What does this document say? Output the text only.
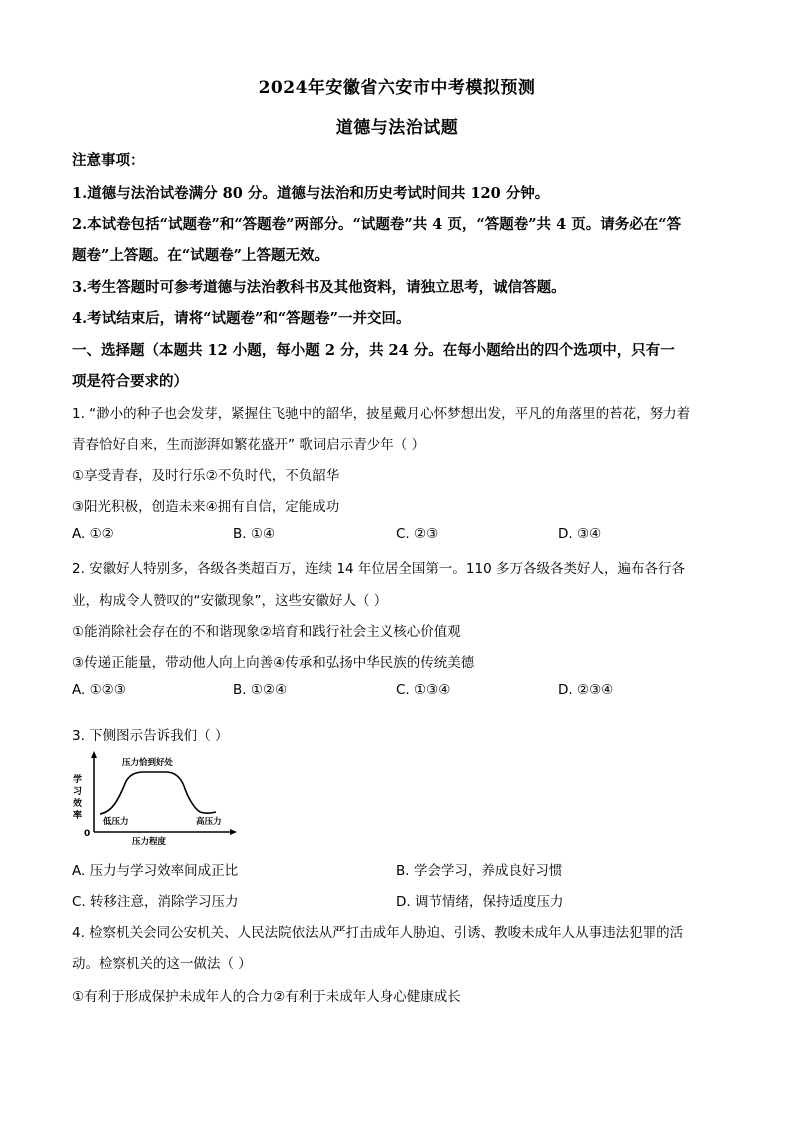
2024年安徽省六安市中考模拟预测
道德与法治试题
注意事项：
1.道德与法治试卷满分 80 分。道德与法治和历史考试时间共 120 分钟。
2.本试卷包括“试题卷”和“答题卷”两部分。“试题卷”共 4 页，“答题卷”共 4 页。请务必在“答
题卷”上答题。在“试题卷”上答题无效。
3.考生答题时可参考道德与法治教科书及其他资料，请独立思考，诚信答题。
4.考试结束后，请将“试题卷”和“答题卷”一并交回。
一、选择题（本题共 12 小题，每小题 2 分，共 24 分。在每小题给出的四个选项中，只有一
项是符合要求的）
1. “渺小的种子也会发芽，紧握住飞驰中的韶华，披星戴月心怀梦想出发，平凡的角落里的苔花，努力着
青春恰好自来，生而澎湃如繁花盛开” 歌词启示青少年（ ）
①享受青春，及时行乐②不负时代，不负韶华
③阳光积极，创造未来④拥有自信，定能成功
A. ①②	B. ①④	C. ②③	D. ③④
2. 安徽好人特别多，各级各类超百万，连续 14 年位居全国第一。110 多万各级各类好人，遍布各行各
业，构成令人赞叹的“安徽现象”，这些安徽好人（ ）
①能消除社会存在的不和谐现象②培育和践行社会主义核心价值观
③传递正能量，带动他人向上向善④传承和弘扬中华民族的传统美德
A. ①②③	B. ①②④	C. ①③④	D. ②③④
3. 下侧图示告诉我们（ ）
学
习
效
率
0
压力程度
压力恰到好处
低压力	高压力
A. 压力与学习效率间成正比	B. 学会学习，养成良好习惯
C. 转移注意，消除学习压力	D. 调节情绪，保持适度压力
4. 检察机关会同公安机关、人民法院依法从严打击成年人胁迫、引诱、教唆未成年人从事违法犯罪的活
动。检察机关的这一做法（ ）
①有利于形成保护未成年人的合力②有利于未成年人身心健康成长
